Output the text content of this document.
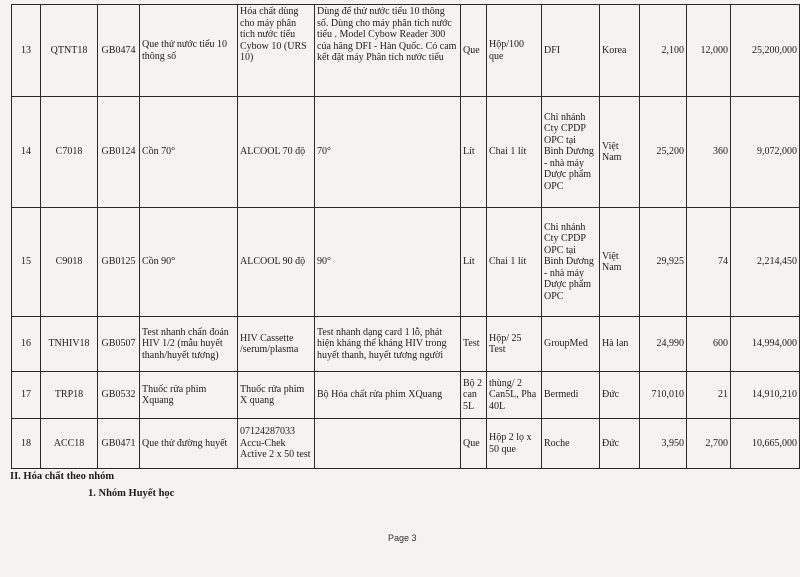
13	QTNT18	GB0474	Que thử nước tiểu 10 thông số	Hóa chất dùng cho máy phân tích nước tiểu Cybow 10 (URS 10)	Dùng để thử nước tiểu 10 thông số. Dùng cho máy phân tích nước tiểu . Model Cybow Reader 300 của hãng DFI - Hàn Quốc. Có cam kết đặt máy Phân tích nước tiểu	Que	Hộp/100 que	DFI	Korea	2,100	12,000	25,200,000
14	C7018	GB0124	Cồn 70°	ALCOOL 70 độ	70°	Lít	Chai 1 lít	Chi nhánh Cty CPDP OPC tại Bình Dương - nhà máy Dược phẩm OPC	Việt Nam	25,200	360	9,072,000
15	C9018	GB0125	Cồn 90°	ALCOOL 90 độ	90°	Lít	Chai 1 lít	Chi nhánh Cty CPDP OPC tại Bình Dương - nhà máy Dược phẩm OPC	Việt Nam	29,925	74	2,214,450
16	TNHIV18	GB0507	Test nhanh chẩn đoán HIV 1/2 (mẫu huyết thanh/huyết tương)	HIV Cassette /serum/plasma	Test nhanh dạng card 1 lỗ, phát hiện kháng thể kháng HIV trong huyết thanh, huyết tương người	Test	Hộp/ 25 Test	GroupMed	Hà lan	24,990	600	14,994,000
17	TRP18	GB0532	Thuốc rửa phim Xquang	Thuốc rửa phim X quang	Bộ Hóa chất rửa phim XQuang	Bộ 2 can 5L	thùng/ 2 Can5L, Pha 40L	Bermedi	Đức	710,010	21	14,910,210
18	ACC18	GB0471	Que thử đường huyết	07124287033 Accu-Chek Active 2 x 50 test		Que	Hộp 2 lọ x 50 que	Roche	Đức	3,950	2,700	10,665,000
II. Hóa chất theo nhóm
1. Nhóm Huyết học
Page 3
